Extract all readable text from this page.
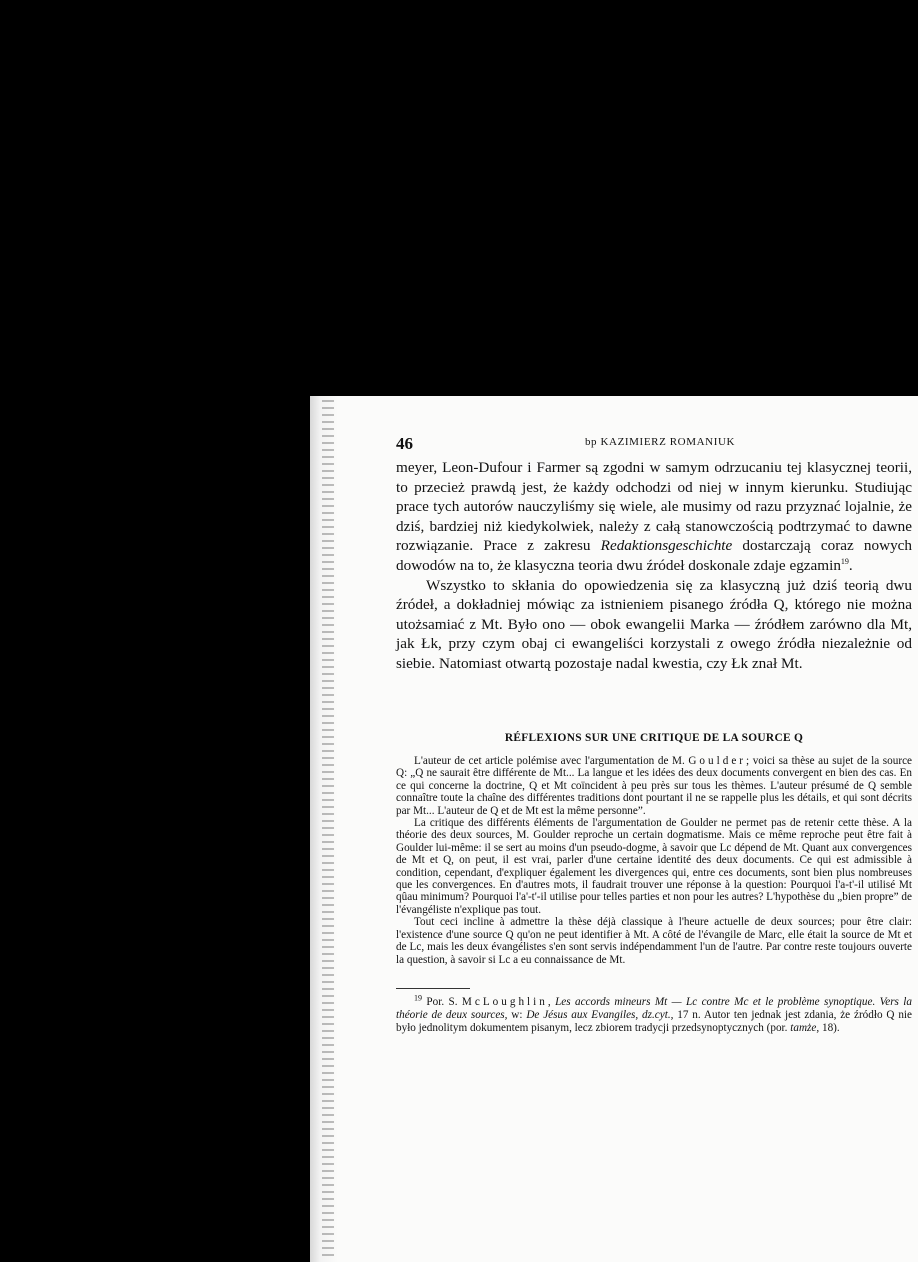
46	bp KAZIMIERZ ROMANIUK

meyer, Leon-Dufour i Farmer są zgodni w samym odrzucaniu tej klasycznej teorii, to przecież prawdą jest, że każdy odchodzi od niej w innym kierunku. Studiując prace tych autorów nauczyliśmy się wiele, ale musimy od razu przyznać lojalnie, że dziś, bardziej niż kiedykolwiek, należy z całą stanowczością podtrzymać to dawne rozwiązanie. Prace z zakresu Redaktionsgeschichte dostarczają coraz nowych dowodów na to, że klasyczna teoria dwu źródeł doskonale zdaje egzamin$^{19}$.

Wszystko to skłania do opowiedzenia się za klasyczną już dziś teorią dwu źródeł, a dokładniej mówiąc za istnieniem pisanego źródła Q, którego nie można utożsamiać z Mt. Było ono — obok ewangelii Marka — źródłem zarówno dla Mt, jak Łk, przy czym obaj ci ewangeliści korzystali z owego źródła niezależnie od siebie. Natomiast otwartą pozostaje nadal kwestia, czy Łk znał Mt.

RÉFLEXIONS SUR UNE CRITIQUE DE LA SOURCE Q

L'auteur de cet article polémise avec l'argumentation de M. Goulder; voici sa thèse au sujet de la source Q: „Q ne saurait être différente de Mt... La langue et les idées des deux documents convergent en bien des cas. En ce qui concerne la doctrine, Q et Mt coïncident à peu près sur tous les thèmes. L'auteur présumé de Q semble connaître toute la chaîne des différentes traditions dont pourtant il ne se rappelle plus les détails, et qui sont décrits par Mt... L'auteur de Q et de Mt est la même personne”.

La critique des différents éléments de l'argumentation de Goulder ne permet pas de retenir cette thèse. A la théorie des deux sources, M. Goulder reproche un certain dogmatisme. Mais ce même reproche peut être fait à Goulder lui-même: il se sert au moins d'un pseudo-dogme, à savoir que Lc dépend de Mt. Quant aux convergences de Mt et Q, on peut, il est vrai, parler d'une certaine identité des deux documents. Ce qui est admissible à condition, cependant, d'expliquer également les divergences qui, entre ces documents, sont bien plus nombreuses que les convergences. En d'autres mots, il faudrait trouver une réponse à la question: Pourquoi l'a-t'-il utilisé Mt qûau minimum? Pourquoi l'a'-t'-il utilise pour telles parties et non pour les autres? L'hypothèse du „bien propre” de l'évangéliste n'explique pas tout.

Tout ceci incline à admettre la thèse déjà classique à l'heure actuelle de deux sources; pour être clair: l'existence d'une source Q qu'on ne peut identifier à Mt. A côté de l'évangile de Marc, elle était la source de Mt et de Lc, mais les deux évangélistes s'en sont servis indépendamment l'un de l'autre. Par contre reste toujours ouverte la question, à savoir si Lc a eu connaissance de Mt.

$^{19}$ Por. S. McLoughlin, Les accords mineurs Mt — Lc contre Mc et le problème synoptique. Vers la théorie de deux sources, w: De Jésus aux Evangiles, dz.cyt., 17 n. Autor ten jednak jest zdania, że źródło Q nie było jednolitym dokumentem pisanym, lecz zbiorem tradycji przedsynoptycznych (por. tamże, 18).
